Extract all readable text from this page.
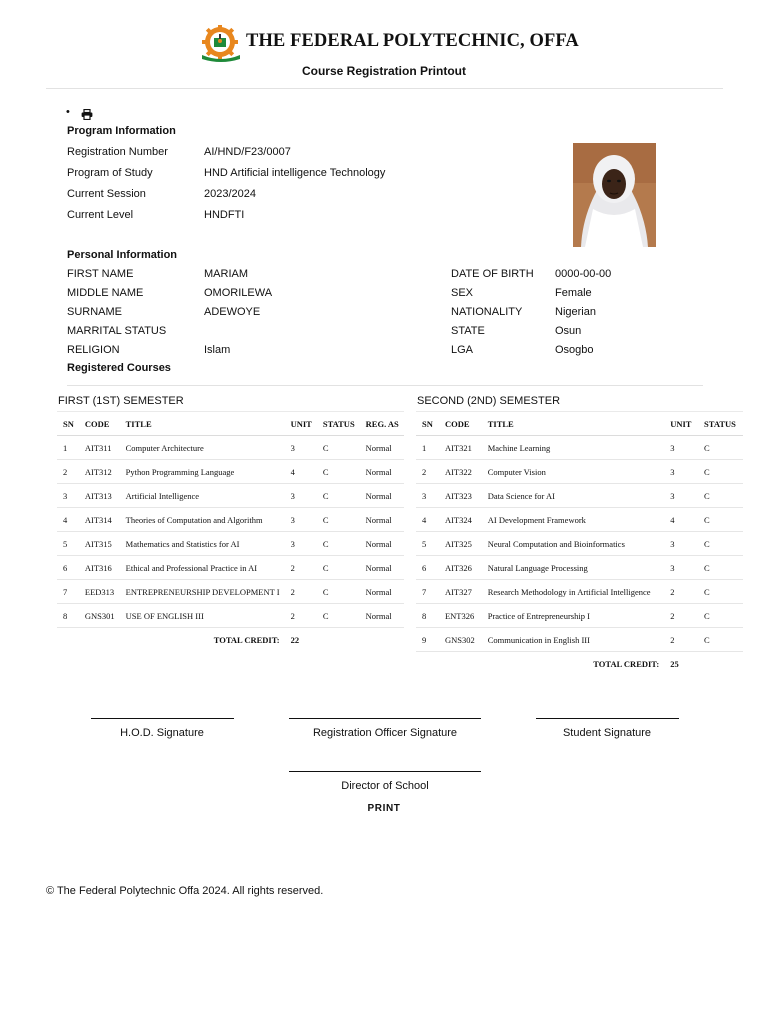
THE FEDERAL POLYTECHNIC, OFFA
Course Registration Printout
•
Program Information
Registration Number	AI/HND/F23/0007
Program of Study	HND Artificial intelligence Technology
Current Session	2023/2024
Current Level	HNDFTI
Personal Information
FIRST NAME	MARIAM
MIDDLE NAME	OMORILEWA
SURNAME	ADEWOYE
MARRITAL STATUS
RELIGION	Islam
DATE OF BIRTH 0000-00-00
SEX	Female
NATIONALITY	Nigerian
STATE	Osun
LGA	Osogbo
Registered Courses
FIRST (1ST) SEMESTER
SN	CODE	TITLE	UNIT	STATUS	REG. AS
1	AIT311	Computer Architecture	3	C	Normal
2	AIT312	Python Programming Language	4	C	Normal
3	AIT313	Artificial Intelligence	3	C	Normal
4	AIT314	Theories of Computation and Algorithm	3	C	Normal
5	AIT315	Mathematics and Statistics for AI	3	C	Normal
6	AIT316	Ethical and Professional Practice in AI	2	C	Normal
7	EED313	ENTREPRENEURSHIP DEVELOPMENT I	2	C	Normal
8	GNS301	USE OF ENGLISH III	2	C	Normal
TOTAL CREDIT:			22		
SECOND (2ND) SEMESTER
SN	CODE	TITLE	UNIT	STATUS
1	AIT321	Machine Learning	3	C
2	AIT322	Computer Vision	3	C
3	AIT323	Data Science for AI	3	C
4	AIT324	AI Development Framework	4	C
5	AIT325	Neural Computation and Bioinformatics	3	C
6	AIT326	Natural Language Processing	3	C
7	AIT327	Research Methodology in Artificial Intelligence	2	C
8	ENT326	Practice of Entrepreneurship I	2	C
9	GNS302	Communication in English III	2	C
TOTAL CREDIT:			25	
H.O.D. Signature	Registration Officer Signature	Student Signature
Director of School
PRINT
© The Federal Polytechnic Offa 2024. All rights reserved.
